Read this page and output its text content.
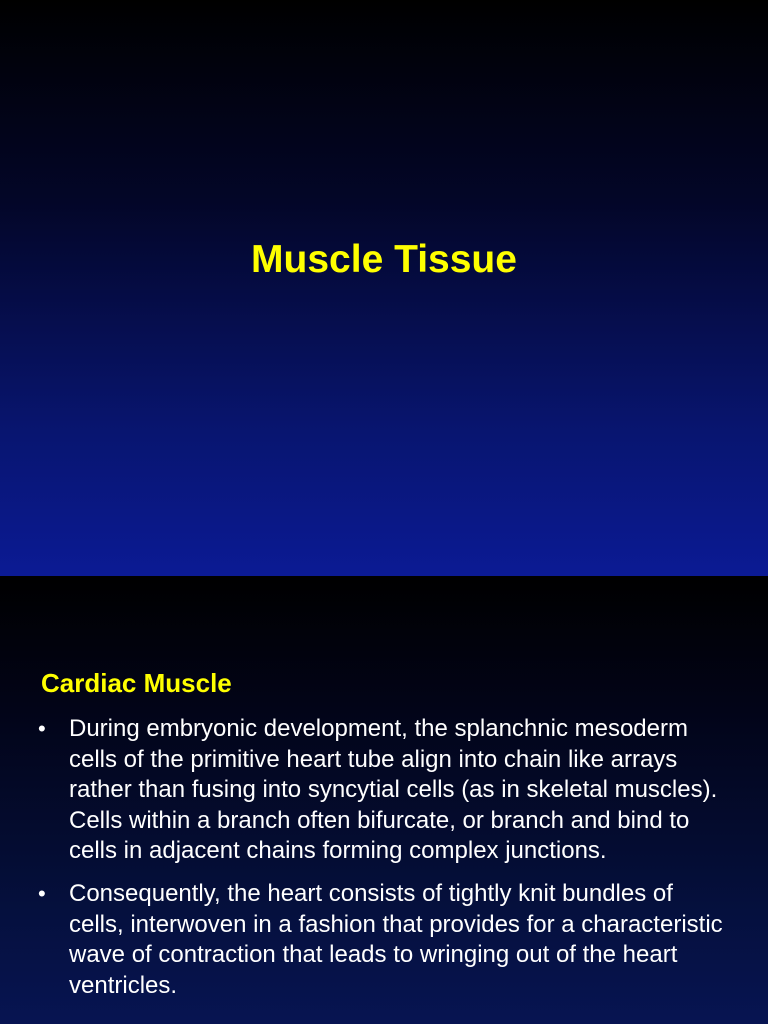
Muscle Tissue
Cardiac Muscle
• During embryonic development, the splanchnic mesoderm cells of the primitive heart tube align into chain like arrays rather than fusing into syncytial cells (as in skeletal muscles). Cells within a branch often bifurcate, or branch and bind to cells in adjacent chains forming complex junctions.
• Consequently, the heart consists of tightly knit bundles of cells, interwoven in a fashion that provides for a characteristic wave of contraction that leads to wringing out of the heart ventricles.
